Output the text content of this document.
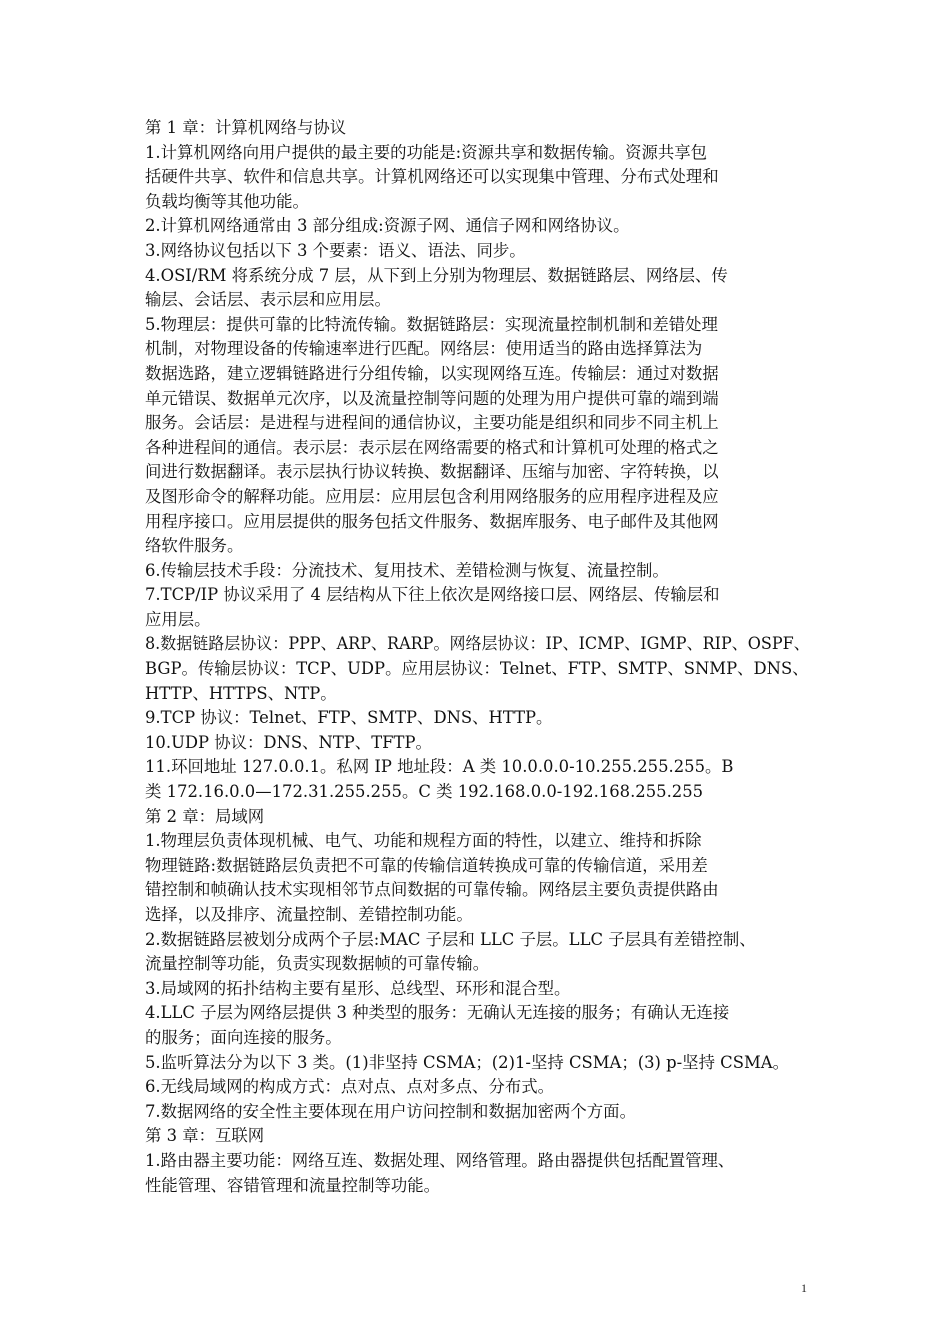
第 1 章：计算机网络与协议
1.计算机网络向用户提供的最主要的功能是:资源共享和数据传输。资源共享包
括硬件共享、软件和信息共享。计算机网络还可以实现集中管理、分布式处理和
负载均衡等其他功能。
2.计算机网络通常由 3 部分组成:资源子网、通信子网和网络协议。
3.网络协议包括以下 3 个要素：语义、语法、同步。
4.OSI/RM 将系统分成 7 层，从下到上分别为物理层、数据链路层、网络层、传
输层、会话层、表示层和应用层。
5.物理层：提供可靠的比特流传输。数据链路层：实现流量控制机制和差错处理
机制，对物理设备的传输速率进行匹配。网络层：使用适当的路由选择算法为
数据选路，建立逻辑链路进行分组传输，以实现网络互连。传输层：通过对数据
单元错误、数据单元次序，以及流量控制等问题的处理为用户提供可靠的端到端
服务。会话层：是进程与进程间的通信协议，主要功能是组织和同步不同主机上
各种进程间的通信。表示层：表示层在网络需要的格式和计算机可处理的格式之
间进行数据翻译。表示层执行协议转换、数据翻译、压缩与加密、字符转换，以
及图形命令的解释功能。应用层：应用层包含利用网络服务的应用程序进程及应
用程序接口。应用层提供的服务包括文件服务、数据库服务、电子邮件及其他网
络软件服务。
6.传输层技术手段：分流技术、复用技术、差错检测与恢复、流量控制。
7.TCP/IP 协议采用了 4 层结构从下往上依次是网络接口层、网络层、传输层和
应用层。
8.数据链路层协议：PPP、ARP、RARP。网络层协议：IP、ICMP、IGMP、RIP、OSPF、
BGP。传输层协议：TCP、UDP。应用层协议：Telnet、FTP、SMTP、SNMP、DNS、
HTTP、HTTPS、NTP。
9.TCP 协议：Telnet、FTP、SMTP、DNS、HTTP。
10.UDP 协议：DNS、NTP、TFTP。
11.环回地址 127.0.0.1。私网 IP 地址段：A 类 10.0.0.0-10.255.255.255。B
类 172.16.0.0—172.31.255.255。C 类 192.168.0.0-192.168.255.255
第 2 章：局域网
1.物理层负责体现机械、电气、功能和规程方面的特性，以建立、维持和拆除
物理链路:数据链路层负责把不可靠的传输信道转换成可靠的传输信道，采用差
错控制和帧确认技术实现相邻节点间数据的可靠传输。网络层主要负责提供路由
选择，以及排序、流量控制、差错控制功能。
2.数据链路层被划分成两个子层:MAC 子层和 LLC 子层。LLC 子层具有差错控制、
流量控制等功能，负责实现数据帧的可靠传输。
3.局域网的拓扑结构主要有星形、总线型、环形和混合型。
4.LLC 子层为网络层提供 3 种类型的服务：无确认无连接的服务；有确认无连接
的服务；面向连接的服务。
5.监听算法分为以下 3 类。(1)非坚持 CSMA；(2)1-坚持 CSMA；(3) p-坚持 CSMA。
6.无线局域网的构成方式：点对点、点对多点、分布式。
7.数据网络的安全性主要体现在用户访问控制和数据加密两个方面。
第 3 章：互联网
1.路由器主要功能：网络互连、数据处理、网络管理。路由器提供包括配置管理、
性能管理、容错管理和流量控制等功能。
1
